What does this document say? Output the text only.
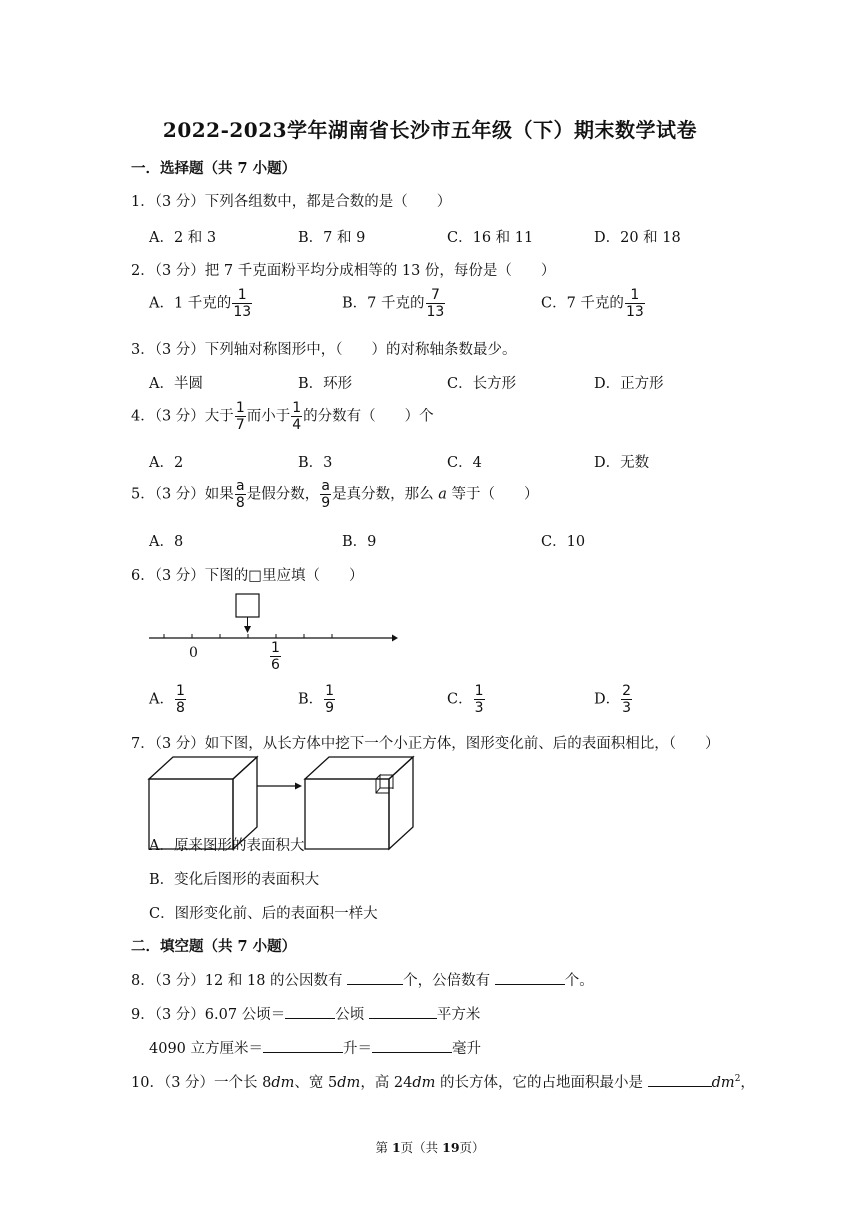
2022-2023学年湖南省长沙市五年级（下）期末数学试卷
一．选择题（共 7 小题）
1．（3 分）下列各组数中，都是合数的是（　　）
A．2 和 3	B．7 和 9	C．16 和 11	D．20 和 18
2．（3 分）把 7 千克面粉平均分成相等的 13 份，每份是（　　）
A．1 千克的 $\frac{1}{13}$	B．7 千克的 $\frac{7}{13}$	C．7 千克的 $\frac{1}{13}$
3．（3 分）下列轴对称图形中，（　　）的对称轴条数最少。
A．半圆	B．环形	C．长方形	D．正方形
4．（3 分）大于 $\frac{1}{7}$ 而小于 $\frac{1}{4}$ 的分数有（　　）个
A．2	B．3	C．4	D．无数
5．（3 分）如果 $\frac{a}{8}$ 是假分数， $\frac{a}{9}$ 是真分数，那么 a 等于（　　）
A．8	B．9	C．10
6．（3 分）下图的□里应填（　　）
0	$\frac{1}{6}$
A． $\frac{1}{8}$	B． $\frac{1}{9}$	C． $\frac{1}{3}$	D． $\frac{2}{3}$
7．（3 分）如下图，从长方体中挖下一个小正方体，图形变化前、后的表面积相比，（　　）
A．原来图形的表面积大
B．变化后图形的表面积大
C．图形变化前、后的表面积一样大
二．填空题（共 7 小题）
8．（3 分）12 和 18 的公因数有	个，公倍数有	个。
9．（3 分）6.07 公顷＝	公顷	平方米
4090 立方厘米＝	升＝	毫升
10．（3 分）一个长 8dm、宽 5dm，高 24dm 的长方体，它的占地面积最小是	$dm^2$，
第 1页（共 19页）
